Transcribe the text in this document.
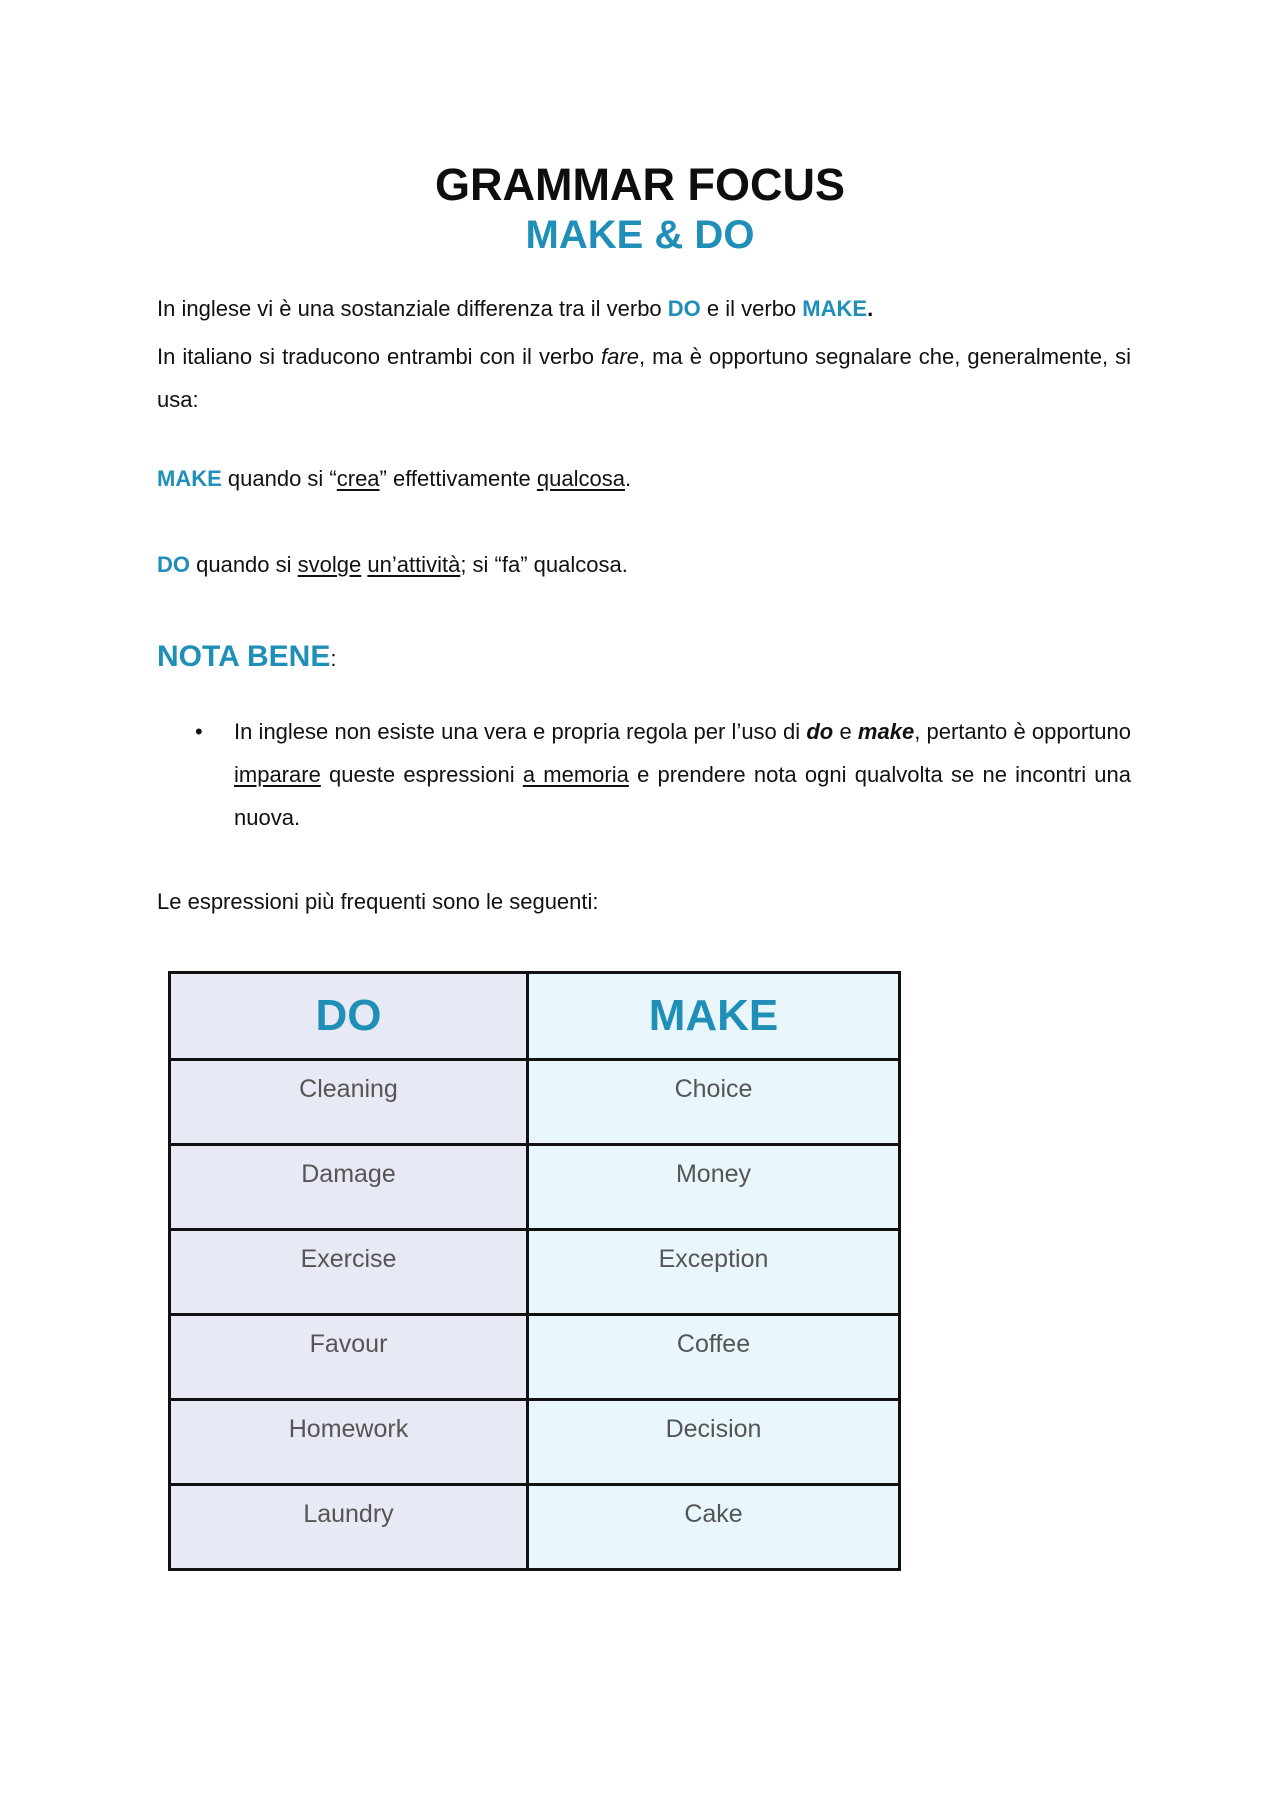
GRAMMAR FOCUS
MAKE & DO
In inglese vi è una sostanziale differenza tra il verbo DO e il verbo MAKE.
In italiano si traducono entrambi con il verbo fare, ma è opportuno segnalare che, generalmente, si usa:
MAKE quando si “crea” effettivamente qualcosa.
DO quando si svolge un’attività; si “fa” qualcosa.
NOTA BENE:
• In inglese non esiste una vera e propria regola per l’uso di do e make, pertanto è opportuno imparare queste espressioni a memoria e prendere nota ogni qualvolta se ne incontri una nuova.
Le espressioni più frequenti sono le seguenti:
DO	MAKE
Cleaning	Choice
Damage	Money
Exercise	Exception
Favour	Coffee
Homework	Decision
Laundry	Cake
